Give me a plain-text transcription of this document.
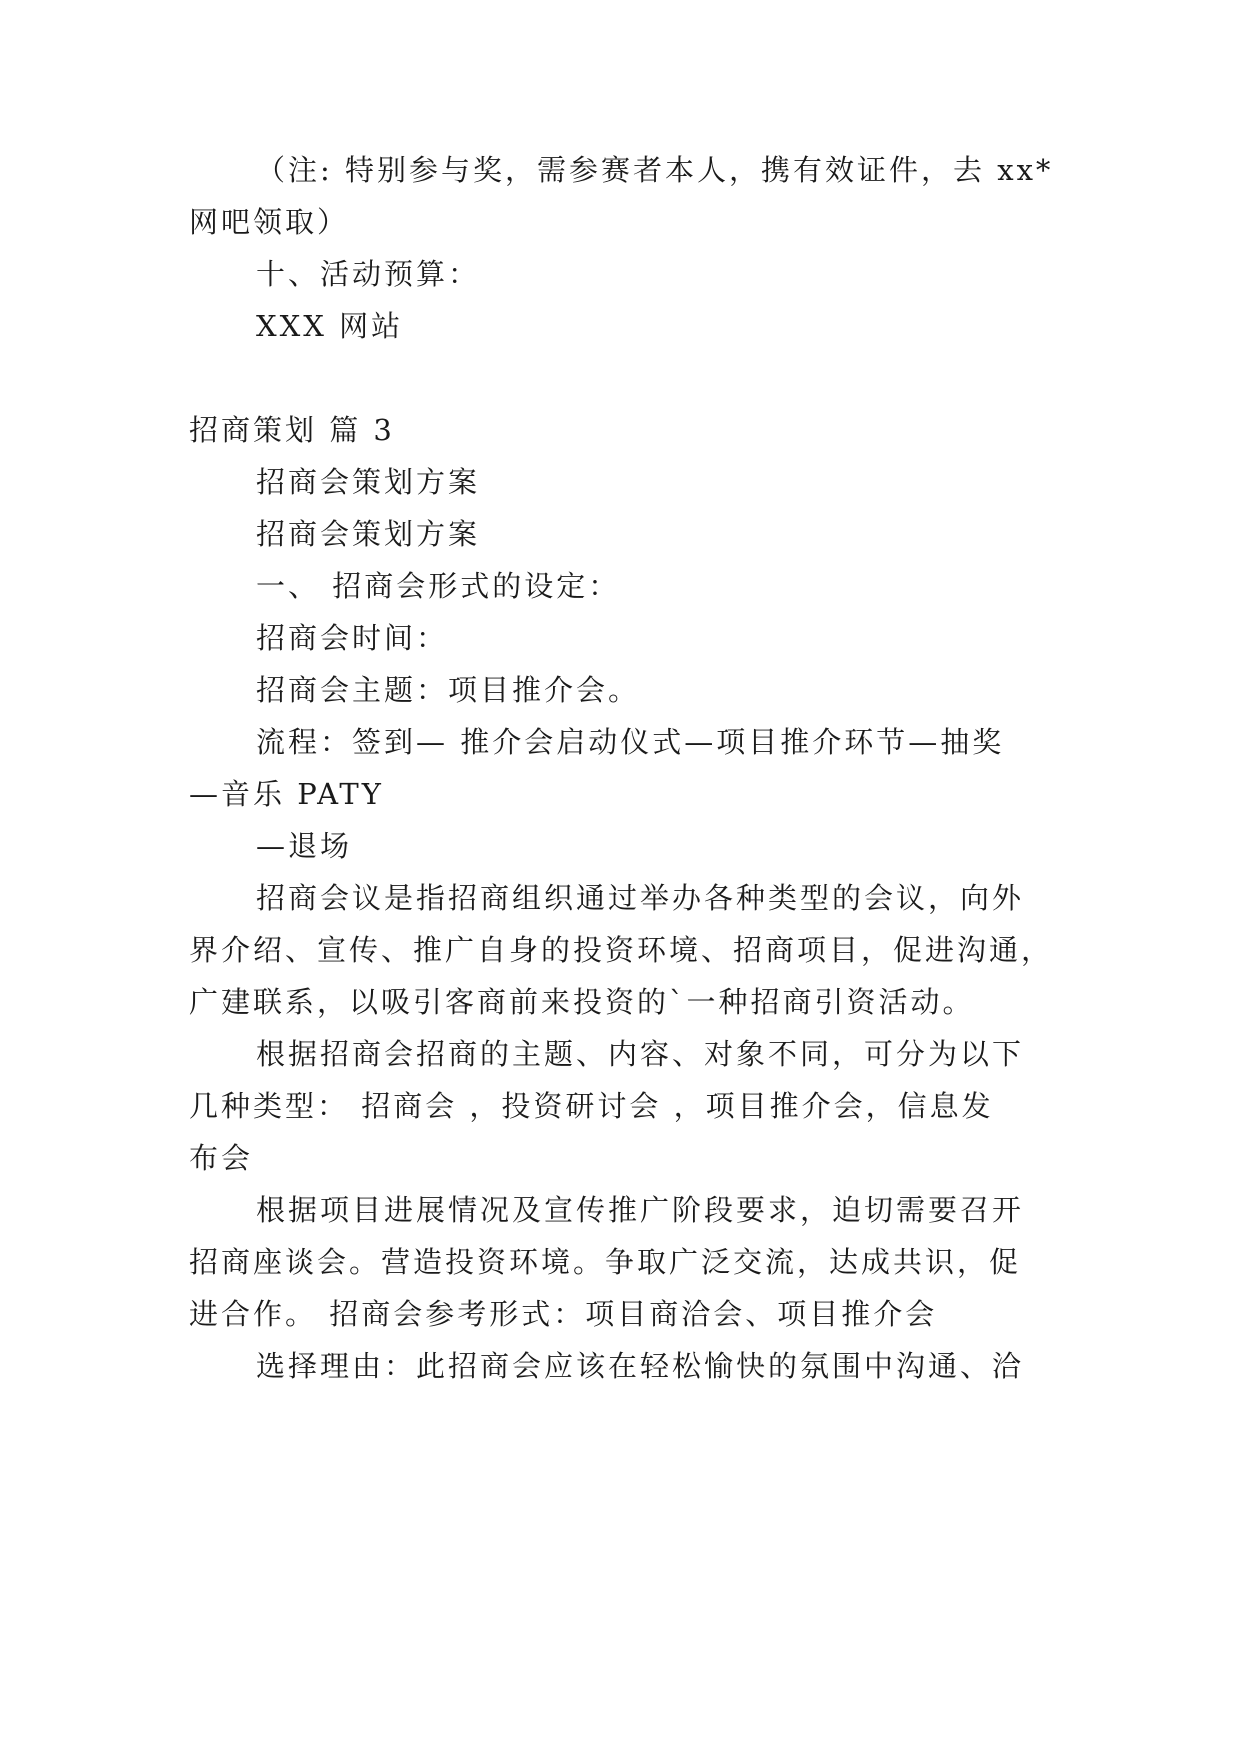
（注: 特别参与奖，需参赛者本人，携有效证件，去 xx*
网吧领取）
十、活动预算：
XXX 网站
招商策划 篇 3
招商会策划方案
招商会策划方案
一、 招商会形式的设定：
招商会时间：
招商会主题：项目推介会。
流程：签到— 推介会启动仪式—项目推介环节—抽奖
—音乐 PATY
—退场
招商会议是指招商组织通过举办各种类型的会议，向外
界介绍、宣传、推广自身的投资环境、招商项目，促进沟通，
广建联系，以吸引客商前来投资的`一种招商引资活动。
根据招商会招商的主题、内容、对象不同，可分为以下
几种类型： 招商会 ，投资研讨会 ，项目推介会，信息发
布会
根据项目进展情况及宣传推广阶段要求，迫切需要召开
招商座谈会。营造投资环境。争取广泛交流，达成共识，促
进合作。 招商会参考形式：项目商洽会、项目推介会
选择理由：此招商会应该在轻松愉快的氛围中沟通、洽
